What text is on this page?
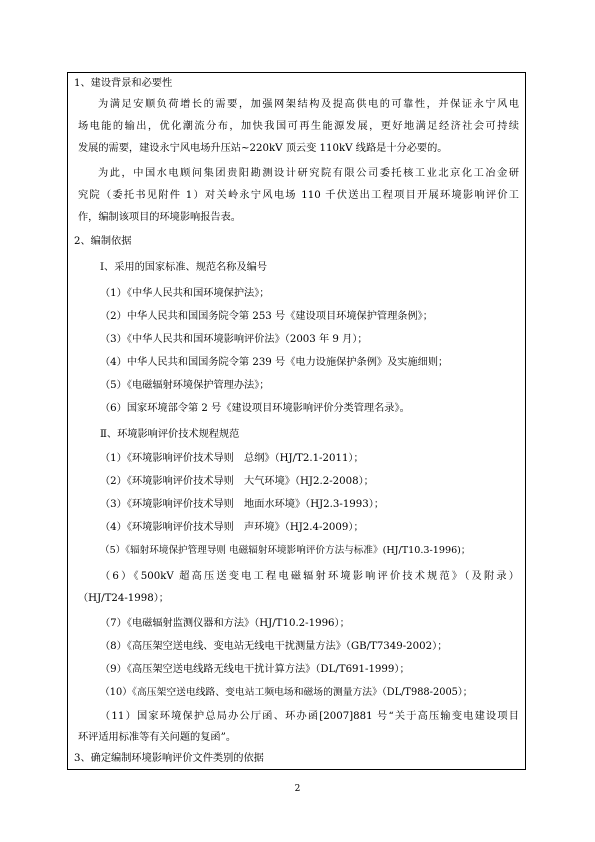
1、建设背景和必要性
为满足安顺负荷增长的需要，加强网架结构及提高供电的可靠性，并保证永宁风电
场电能的输出，优化潮流分布，加快我国可再生能源发展，更好地满足经济社会可持续
发展的需要，建设永宁风电场升压站~220kV 顶云变 110kV 线路是十分必要的。
为此，中国水电顾问集团贵阳勘测设计研究院有限公司委托核工业北京化工冶金研
究院（委托书见附件 1）对关岭永宁风电场 110 千伏送出工程项目开展环境影响评价工
作，编制该项目的环境影响报告表。
2、编制依据
Ⅰ、采用的国家标准、规范名称及编号
（1）《中华人民共和国环境保护法》；
（2）中华人民共和国国务院令第 253 号《建设项目环境保护管理条例》；
（3）《中华人民共和国环境影响评价法》（2003 年 9 月）；
（4）中华人民共和国国务院令第 239 号《电力设施保护条例》及实施细则；
（5）《电磁辐射环境保护管理办法》；
（6）国家环境部令第 2 号《建设项目环境影响评价分类管理名录》。
Ⅱ、环境影响评价技术规程规范
（1）《环境影响评价技术导则　总纲》（HJ/T2.1-2011）；
（2）《环境影响评价技术导则　大气环境》（HJ2.2-2008）；
（3）《环境影响评价技术导则　地面水环境》（HJ2.3-1993）；
（4）《环境影响评价技术导则　声环境》（HJ2.4-2009）；
（5）《辐射环境保护管理导则 电磁辐射环境影响评价方法与标准》(HJ/T10.3-1996)；
（6）《500kV 超高压送变电工程电磁辐射环境影响评价技术规范》（及附录）
（HJ/T24-1998）；
（7）《电磁辐射监测仪器和方法》（HJ/T10.2-1996）；
（8）《高压架空送电线、变电站无线电干扰测量方法》（GB/T7349-2002）；
（9）《高压架空送电线路无线电干扰计算方法》（DL/T691-1999）；
（10）《高压架空送电线路、变电站工频电场和磁场的测量方法》（DL/T988-2005）；
（11）国家环境保护总局办公厅函、环办函[2007]881 号“关于高压输变电建设项目
环评适用标准等有关问题的复函”。
3、确定编制环境影响评价文件类别的依据
2
